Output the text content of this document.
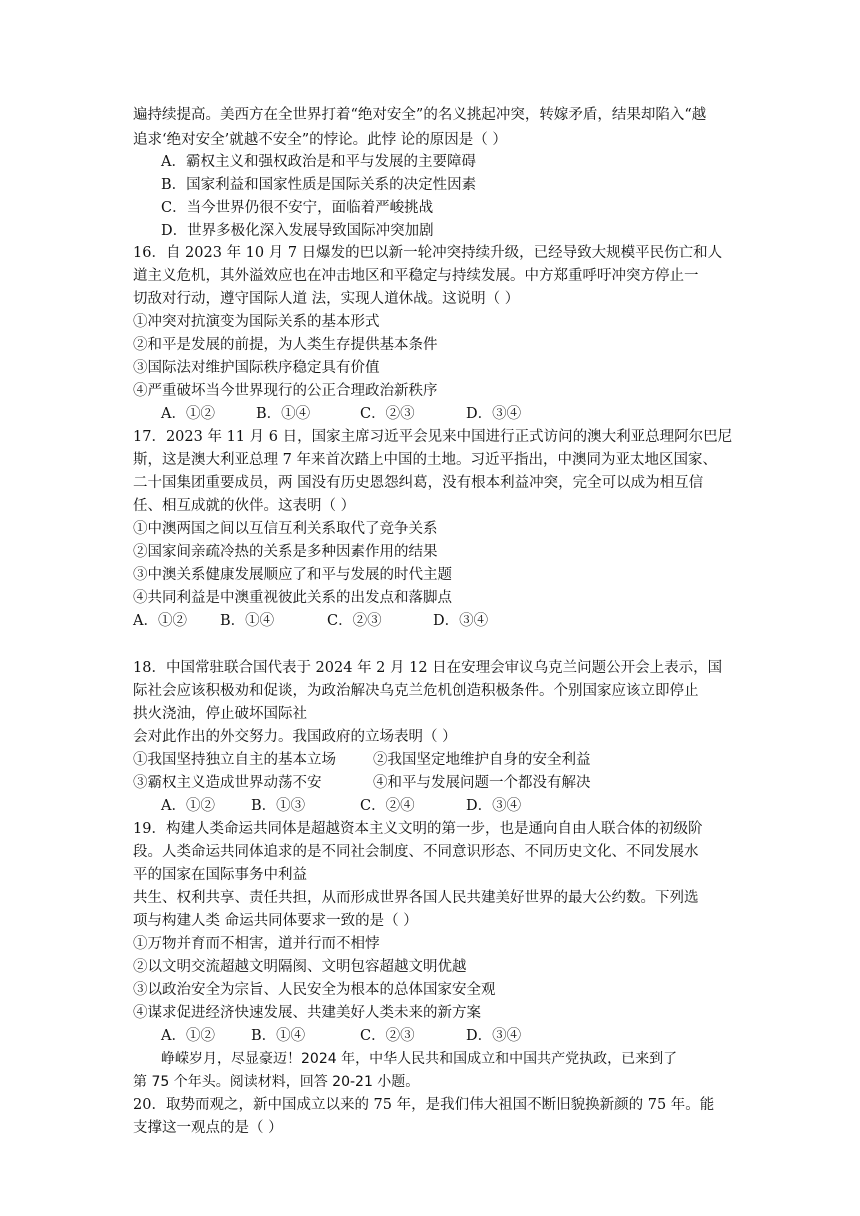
遍持续提高。美西方在全世界打着“绝对安全”的名义挑起冲突，转嫁矛盾，结果却陷入“越
追求‘绝对安全’就越不安全”的悖论。此悖 论的原因是（ ）
A．霸权主义和强权政治是和平与发展的主要障碍
B．国家利益和国家性质是国际关系的决定性因素
C．当今世界仍很不安宁，面临着严峻挑战
D．世界多极化深入发展导致国际冲突加剧
16．自 2023 年 10 月 7 日爆发的巴以新一轮冲突持续升级，已经导致大规模平民伤亡和人
道主义危机，其外溢效应也在冲击地区和平稳定与持续发展。中方郑重呼吁冲突方停止一
切敌对行动，遵守国际人道 法，实现人道休战。这说明（ ）
①冲突对抗演变为国际关系的基本形式
②和平是发展的前提，为人类生存提供基本条件
③国际法对维护国际秩序稳定具有价值
④严重破坏当今世界现行的公正合理政治新秩序
A．①②	B．①④	C．②③	D．③④
17．2023 年 11 月 6 日，国家主席习近平会见来中国进行正式访问的澳大利亚总理阿尔巴尼
斯，这是澳大利亚总理 7 年来首次踏上中国的土地。习近平指出，中澳同为亚太地区国家、
二十国集团重要成员，两 国没有历史恩怨纠葛，没有根本利益冲突，完全可以成为相互信
任、相互成就的伙伴。这表明（ ）
①中澳两国之间以互信互利关系取代了竞争关系
②国家间亲疏冷热的关系是多种因素作用的结果
③中澳关系健康发展顺应了和平与发展的时代主题
④共同利益是中澳重视彼此关系的出发点和落脚点
A．①② B．①④	C．②③	D．③④
18．中国常驻联合国代表于 2024 年 2 月 12 日在安理会审议乌克兰问题公开会上表示，国
际社会应该积极劝和促谈，为政治解决乌克兰危机创造积极条件。个别国家应该立即停止
拱火浇油，停止破坏国际社
会对此作出的外交努力。我国政府的立场表明（ ）
①我国坚持独立自主的基本立场	②我国坚定地维护自身的安全利益
③霸权主义造成世界动荡不安	④和平与发展问题一个都没有解决
A．①② B．①③	C．②④	D．③④
19．构建人类命运共同体是超越资本主义文明的第一步，也是通向自由人联合体的初级阶
段。人类命运共同体追求的是不同社会制度、不同意识形态、不同历史文化、不同发展水
平的国家在国际事务中利益
共生、权利共享、责任共担，从而形成世界各国人民共建美好世界的最大公约数。下列选
项与构建人类 命运共同体要求一致的是（ ）
①万物并育而不相害，道并行而不相悖
②以文明交流超越文明隔阂、文明包容超越文明优越
③以政治安全为宗旨、人民安全为根本的总体国家安全观
④谋求促进经济快速发展、共建美好人类未来的新方案
A．①② B．①④	C．②③	D．③④
峥嵘岁月，尽显豪迈！2024 年，中华人民共和国成立和中国共产党执政，已来到了
第 75 个年头。阅读材料，回答 20-21 小题。
20．取势而观之，新中国成立以来的 75 年，是我们伟大祖国不断旧貌换新颜的 75 年。能
支撑这一观点的是（ ）
